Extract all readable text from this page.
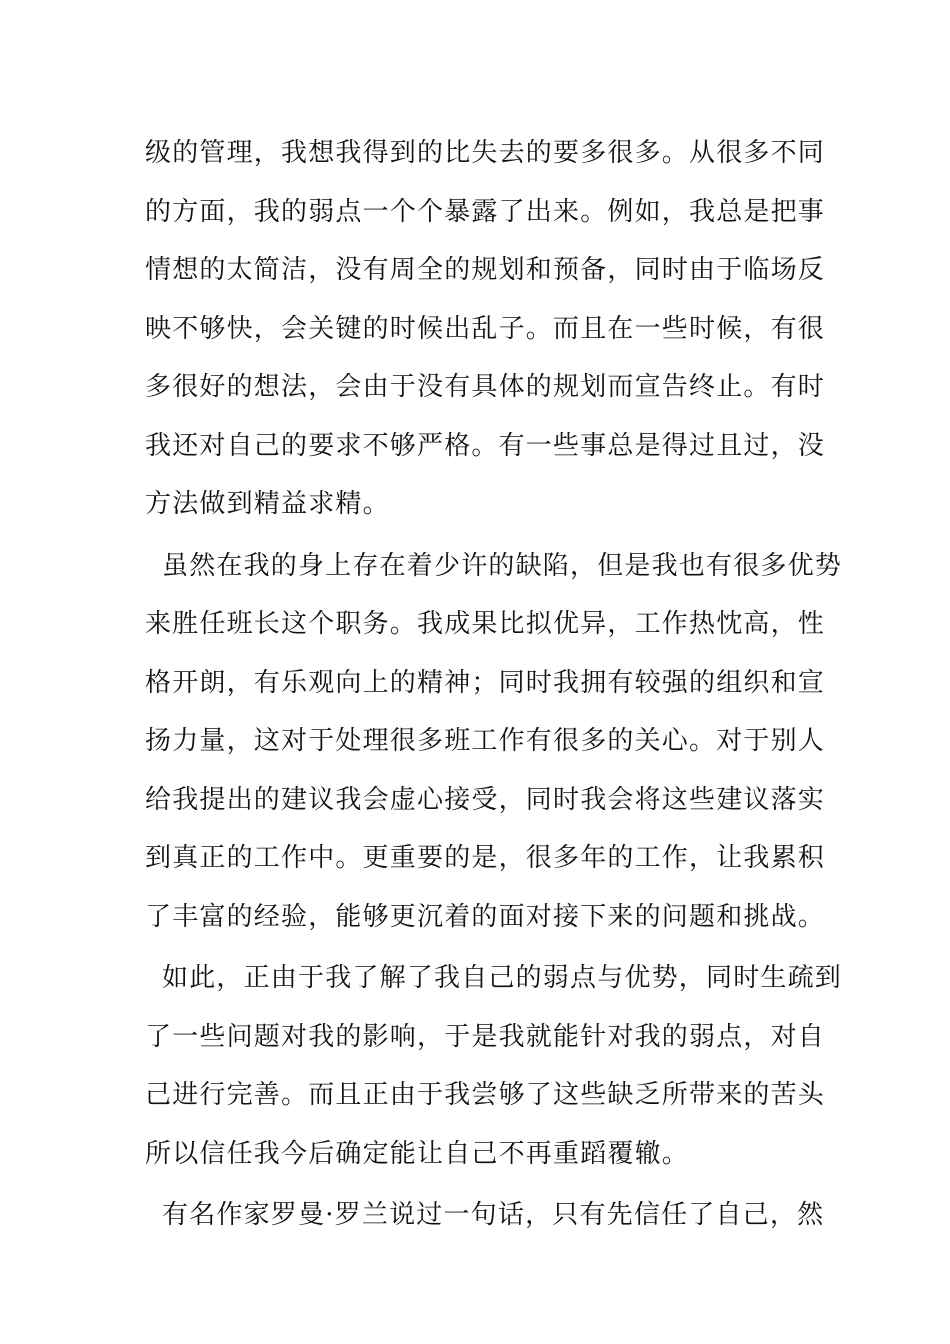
级的管理，我想我得到的比失去的要多很多。从很多不同
的方面，我的弱点一个个暴露了出来。例如，我总是把事
情想的太简洁，没有周全的规划和预备，同时由于临场反
映不够快，会关键的时候出乱子。而且在一些时候，有很
多很好的想法，会由于没有具体的规划而宣告终止。有时
我还对自己的要求不够严格。有一些事总是得过且过，没
方法做到精益求精。
虽然在我的身上存在着少许的缺陷，但是我也有很多优势
来胜任班长这个职务。我成果比拟优异，工作热忱高，性
格开朗，有乐观向上的精神；同时我拥有较强的组织和宣
扬力量，这对于处理很多班工作有很多的关心。对于别人
给我提出的建议我会虚心接受，同时我会将这些建议落实
到真正的工作中。更重要的是，很多年的工作，让我累积
了丰富的经验，能够更沉着的面对接下来的问题和挑战。
如此，正由于我了解了我自己的弱点与优势，同时生疏到
了一些问题对我的影响，于是我就能针对我的弱点，对自
己进行完善。而且正由于我尝够了这些缺乏所带来的苦头
所以信任我今后确定能让自己不再重蹈覆辙。
有名作家罗曼·罗兰说过一句话，只有先信任了自己，然
